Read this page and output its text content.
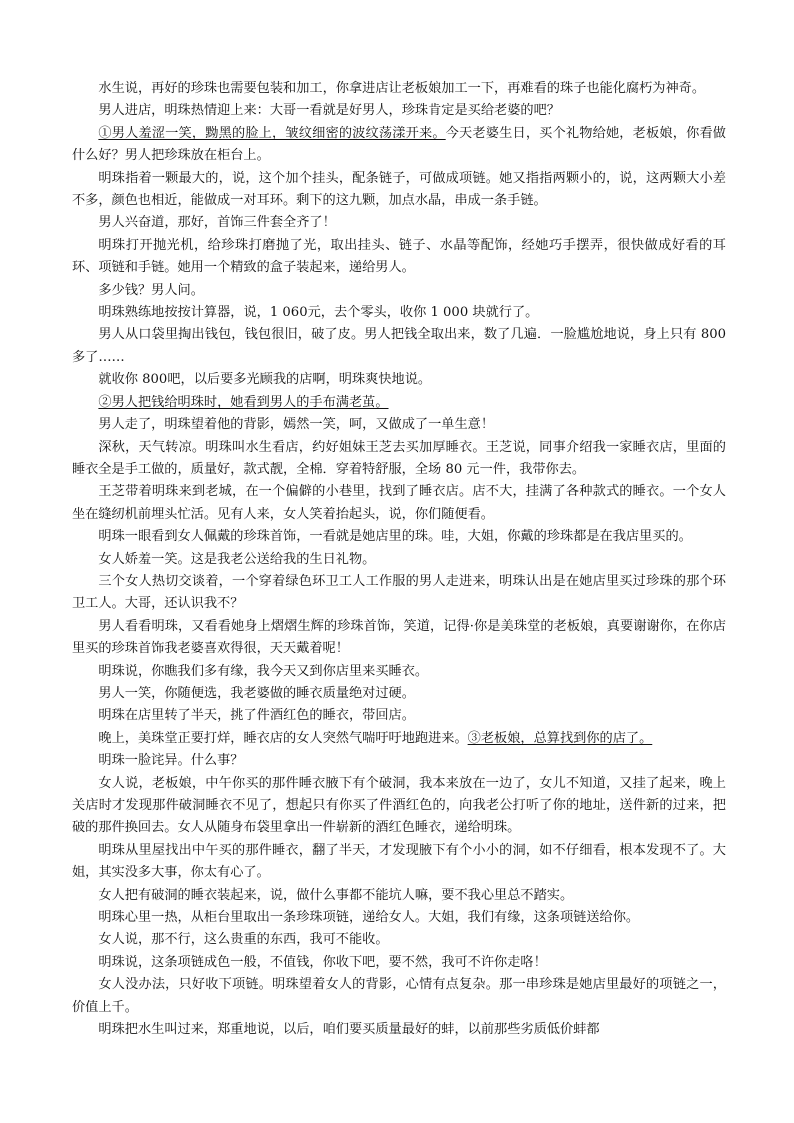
水生说，再好的珍珠也需要包装和加工，你拿进店让老板娘加工一下，再难看的珠子也能化腐朽为神奇。

男人进店，明珠热情迎上来：大哥一看就是好男人，珍珠肯定是买给老婆的吧？

①男人羞涩一笑，黝黑的脸上，皱纹细密的波纹荡漾开来。今天老婆生日，买个礼物给她，老板娘，你看做什么好？男人把珍珠放在柜台上。

明珠指着一颗最大的，说，这个加个挂头，配条链子，可做成项链。她又指指两颗小的，说，这两颗大小差不多，颜色也相近，能做成一对耳环。剩下的这九颗，加点水晶，串成一条手链。

男人兴奋道，那好，首饰三件套全齐了！

明珠打开抛光机，给珍珠打磨抛了光，取出挂头、链子、水晶等配饰，经她巧手摆弄，很快做成好看的耳环、项链和手链。她用一个精致的盒子装起来，递给男人。

多少钱？男人问。

明珠熟练地按按计算器，说，1 060元，去个零头，收你 1 000 块就行了。

男人从口袋里掏出钱包，钱包很旧，破了皮。男人把钱全取出来，数了几遍．一脸尴尬地说，身上只有 800多了……

就收你 800吧，以后要多光顾我的店啊，明珠爽快地说。

②男人把钱给明珠时，她看到男人的手布满老茧。

男人走了，明珠望着他的背影，嫣然一笑，呵，又做成了一单生意！

深秋，天气转凉。明珠叫水生看店，约好姐妹王芝去买加厚睡衣。王芝说，同事介绍我一家睡衣店，里面的睡衣全是手工做的，质量好，款式靓，全棉．穿着特舒服，全场 80 元一件，我带你去。

王芝带着明珠来到老城，在一个偏僻的小巷里，找到了睡衣店。店不大，挂满了各种款式的睡衣。一个女人坐在缝纫机前埋头忙活。见有人来，女人笑着抬起头，说，你们随便看。

明珠一眼看到女人佩戴的珍珠首饰，一看就是她店里的珠。哇，大姐，你戴的珍珠都是在我店里买的。

女人娇羞一笑。这是我老公送给我的生日礼物。

三个女人热切交谈着，一个穿着绿色环卫工人工作服的男人走进来，明珠认出是在她店里买过珍珠的那个环卫工人。大哥，还认识我不？

男人看看明珠，又看看她身上熠熠生辉的珍珠首饰，笑道，记得·你是美珠堂的老板娘，真要谢谢你，在你店里买的珍珠首饰我老婆喜欢得很，天天戴着呢！

明珠说，你瞧我们多有缘，我今天又到你店里来买睡衣。

男人一笑，你随便选，我老婆做的睡衣质量绝对过硬。

明珠在店里转了半天，挑了件酒红色的睡衣，带回店。

晚上，美珠堂正要打烊，睡衣店的女人突然气喘吁吁地跑进来。③老板娘，总算找到你的店了。

明珠一脸诧异。什么事？

女人说，老板娘，中午你买的那件睡衣腋下有个破洞，我本来放在一边了，女儿不知道，又挂了起来，晚上关店时才发现那件破洞睡衣不见了，想起只有你买了件酒红色的，向我老公打听了你的地址，送件新的过来，把破的那件换回去。女人从随身布袋里拿出一件崭新的酒红色睡衣，递给明珠。

明珠从里屋找出中午买的那件睡衣，翻了半天，才发现腋下有个小小的洞，如不仔细看，根本发现不了。大姐，其实没多大事，你太有心了。

女人把有破洞的睡衣装起来，说，做什么事都不能坑人嘛，要不我心里总不踏实。

明珠心里一热，从柜台里取出一条珍珠项链，递给女人。大姐，我们有缘，这条项链送给你。

女人说，那不行，这么贵重的东西，我可不能收。

明珠说，这条项链成色一般，不值钱，你收下吧，要不然，我可不许你走咯！

女人没办法，只好收下项链。明珠望着女人的背影，心情有点复杂。那一串珍珠是她店里最好的项链之一，价值上千。

明珠把水生叫过来，郑重地说，以后，咱们要买质量最好的蚌，以前那些劣质低价蚌都
